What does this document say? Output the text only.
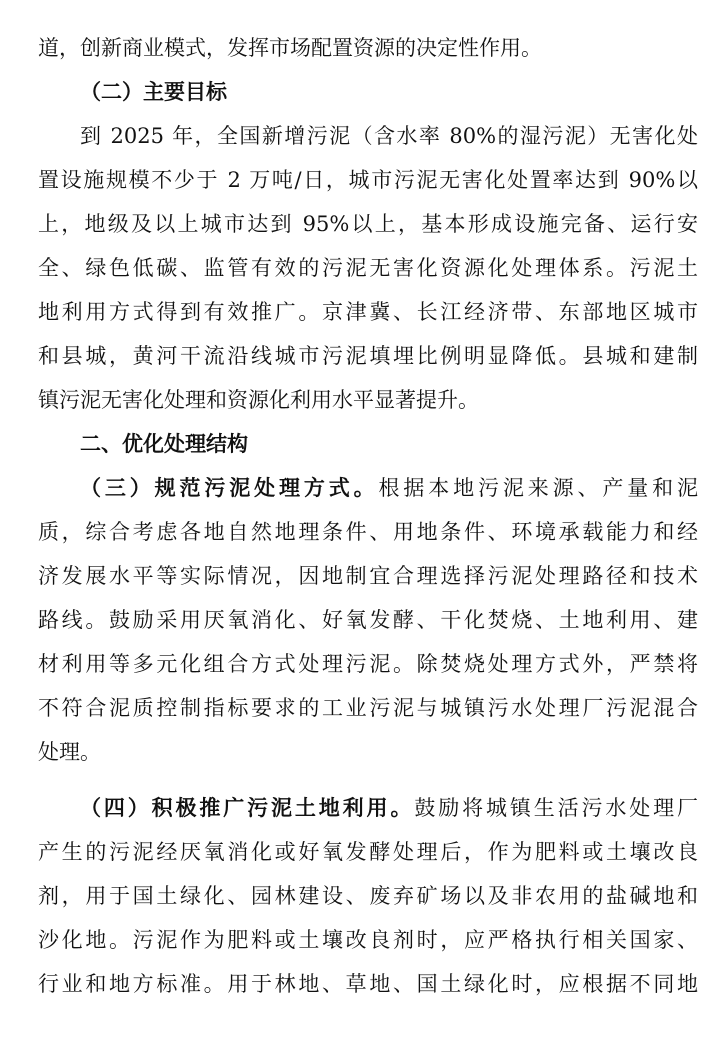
道，创新商业模式，发挥市场配置资源的决定性作用。
（二）主要目标
到 2025 年，全国新增污泥（含水率 80%的湿污泥）无害化处
置设施规模不少于 2 万吨/日，城市污泥无害化处置率达到 90%以
上，地级及以上城市达到 95%以上，基本形成设施完备、运行安
全、绿色低碳、监管有效的污泥无害化资源化处理体系。污泥土
地利用方式得到有效推广。京津冀、长江经济带、东部地区城市
和县城，黄河干流沿线城市污泥填埋比例明显降低。县城和建制
镇污泥无害化处理和资源化利用水平显著提升。
二、优化处理结构
（三）规范污泥处理方式。根据本地污泥来源、产量和泥
质，综合考虑各地自然地理条件、用地条件、环境承载能力和经
济发展水平等实际情况，因地制宜合理选择污泥处理路径和技术
路线。鼓励采用厌氧消化、好氧发酵、干化焚烧、土地利用、建
材利用等多元化组合方式处理污泥。除焚烧处理方式外，严禁将
不符合泥质控制指标要求的工业污泥与城镇污水处理厂污泥混合
处理。
（四）积极推广污泥土地利用。鼓励将城镇生活污水处理厂
产生的污泥经厌氧消化或好氧发酵处理后，作为肥料或土壤改良
剂，用于国土绿化、园林建设、废弃矿场以及非农用的盐碱地和
沙化地。污泥作为肥料或土壤改良剂时，应严格执行相关国家、
行业和地方标准。用于林地、草地、国土绿化时，应根据不同地
